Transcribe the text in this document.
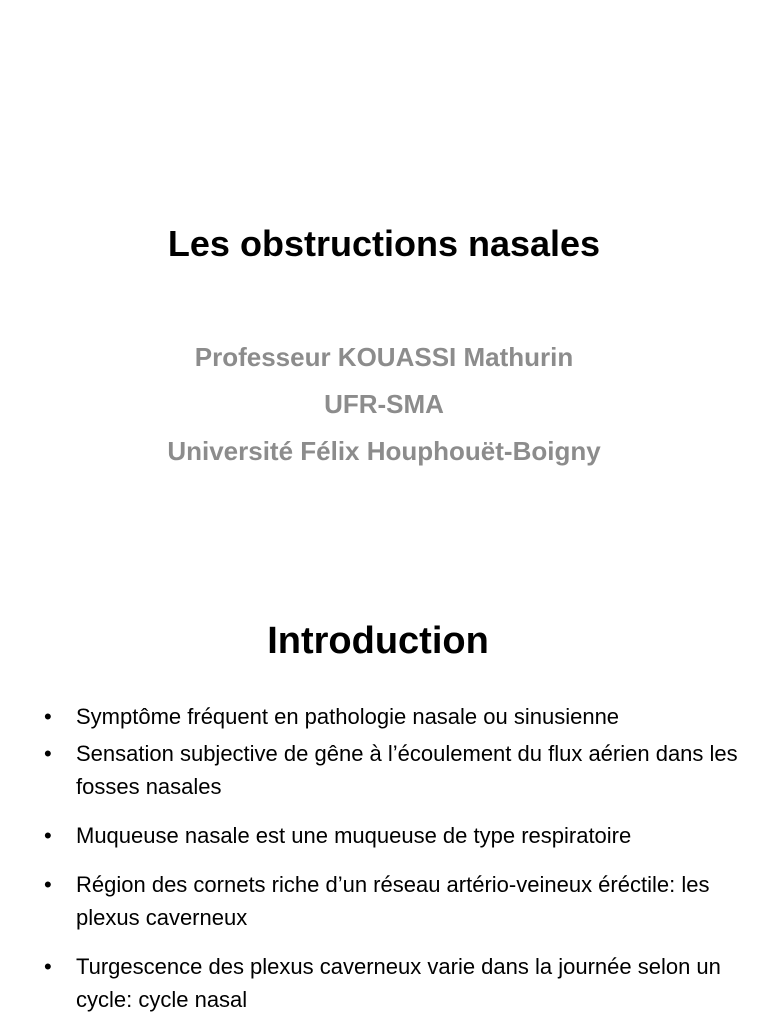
Les obstructions nasales
Professeur KOUASSI Mathurin
UFR-SMA
Université Félix Houphouët-Boigny
Introduction
• Symptôme fréquent en pathologie nasale ou sinusienne
• Sensation subjective de gêne à l’écoulement du flux aérien dans les fosses nasales
• Muqueuse nasale est une muqueuse de type respiratoire
• Région des cornets riche d’un réseau artério-veineux éréctile: les plexus caverneux
• Turgescence des plexus caverneux varie dans la journée selon un cycle: cycle nasal
